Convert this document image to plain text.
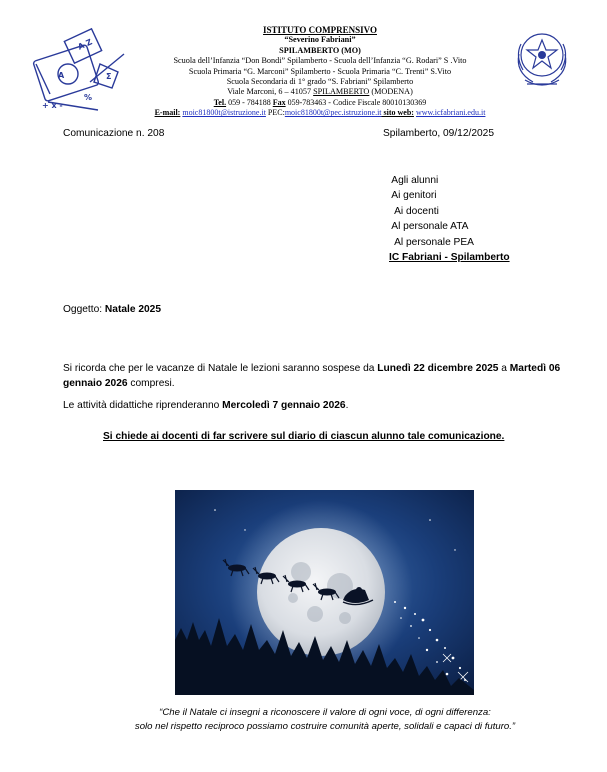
A Z
A
+ x -
Σ
%
ISTITUTO COMPRENSIVO
“Severino Fabriani”
SPILAMBERTO (MO)
Scuola dell’Infanzia “Don Bondi” Spilamberto - Scuola dell’Infanzia “G. Rodari” S .Vito
Scuola Primaria “G. Marconi” Spilamberto - Scuola Primaria “C. Trenti” S.Vito
Scuola Secondaria di 1° grado “S. Fabriani” Spilamberto
Viale Marconi, 6 – 41057 SPILAMBERTO (MODENA)
Tel. 059 - 784188 Fax 059-783463 - Codice Fiscale 80010130369
E-mail: moic81800t@istruzione.it PEC:moic81800t@pec.istruzione.it sito web: www.icfabriani.edu.it
Comunicazione n. 208	Spilamberto, 09/12/2025
Agli alunni
Ai genitori
Ai docenti
Al personale ATA
Al personale PEA
IC Fabriani - Spilamberto
Oggetto: Natale 2025

Si ricorda che per le vacanze di Natale le lezioni saranno sospese da Lunedì 22 dicembre 2025 a Martedì 06 gennaio 2026 compresi.

Le attività didattiche riprenderanno Mercoledì 7 gennaio 2026.

Si chiede ai docenti di far scrivere sul diario di ciascun alunno tale comunicazione.
“Che il Natale ci insegni a riconoscere il valore di ogni voce, di ogni differenza:
solo nel rispetto reciproco possiamo costruire comunità aperte, solidali e capaci di futuro.”
